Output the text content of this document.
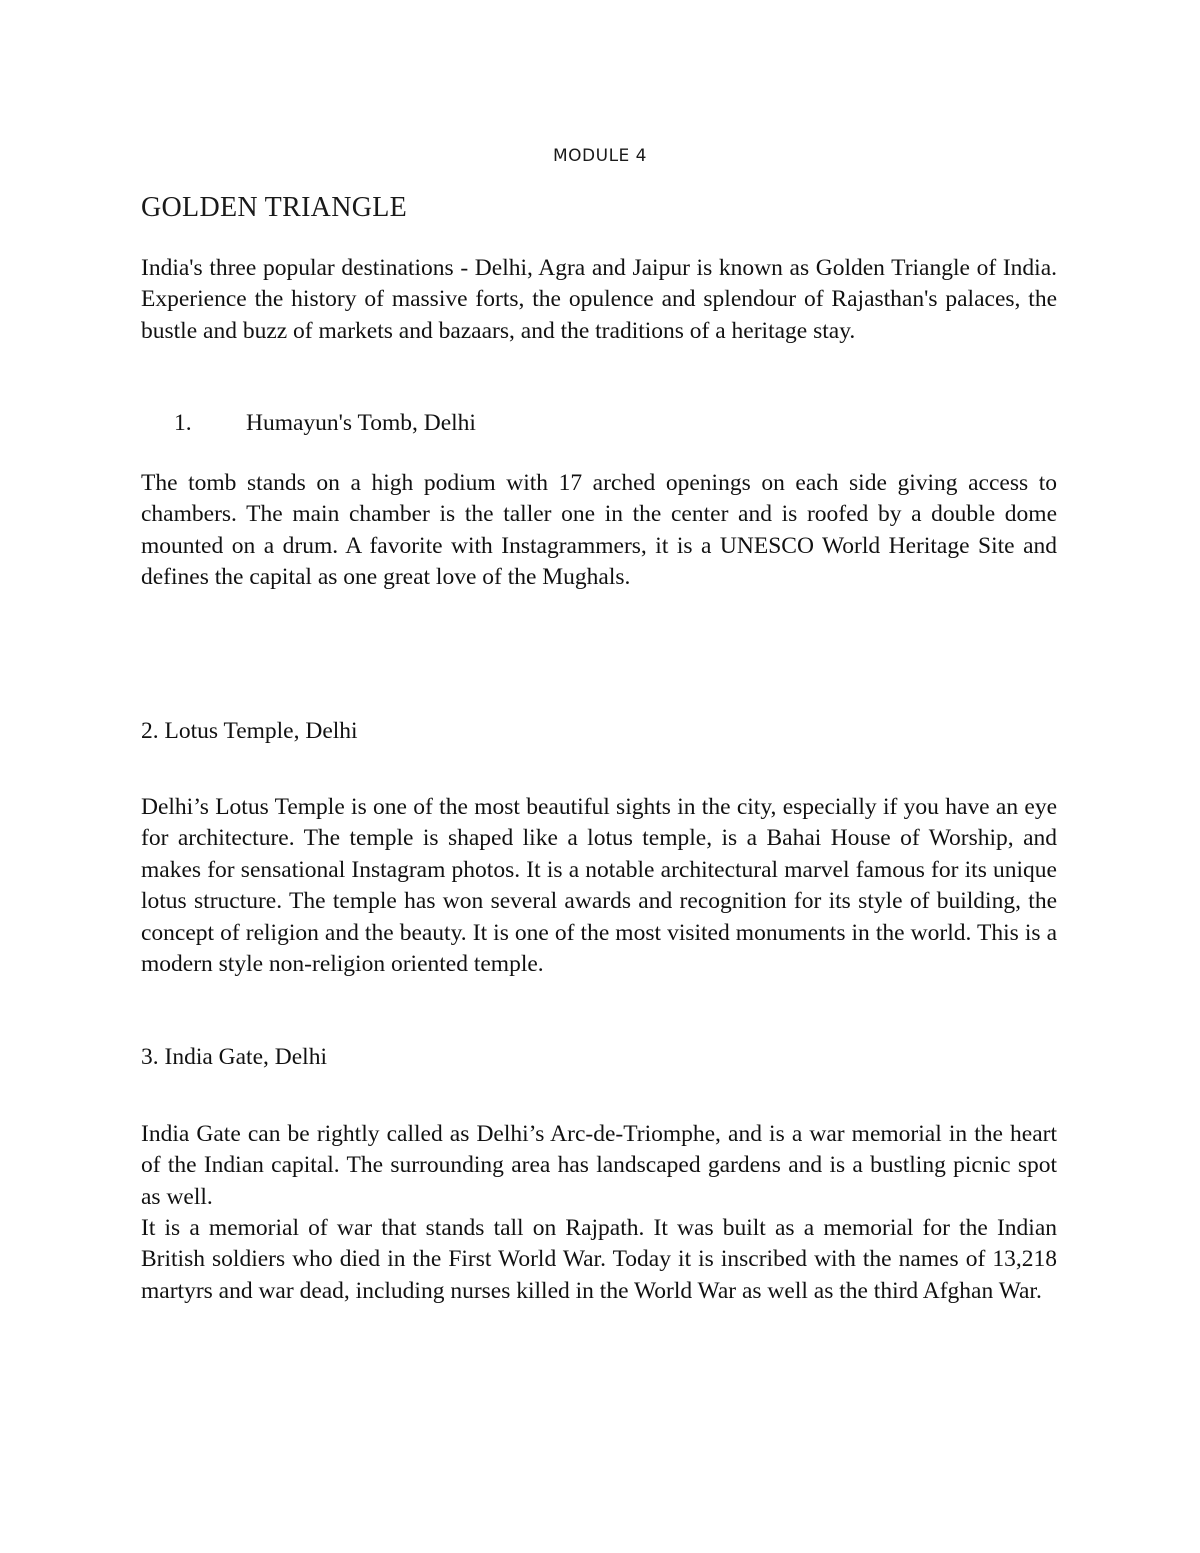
MODULE 4
GOLDEN TRIANGLE

India's three popular destinations - Delhi, Agra and Jaipur is known as Golden Triangle of India. Experience the history of massive forts, the opulence and splendour of Rajasthan's palaces, the bustle and buzz of markets and bazaars, and the traditions of a heritage stay.

1. Humayun's Tomb, Delhi

The tomb stands on a high podium with 17 arched openings on each side giving access to chambers. The main chamber is the taller one in the center and is roofed by a double dome mounted on a drum. A favorite with Instagrammers, it is a UNESCO World Heritage Site and defines the capital as one great love of the Mughals.

2. Lotus Temple, Delhi

Delhi’s Lotus Temple is one of the most beautiful sights in the city, especially if you have an eye for architecture. The temple is shaped like a lotus temple, is a Bahai House of Worship, and makes for sensational Instagram photos. It is a notable architectural marvel famous for its unique lotus structure. The temple has won several awards and recognition for its style of building, the concept of religion and the beauty. It is one of the most visited monuments in the world. This is a modern style non-religion oriented temple.

3. India Gate, Delhi

India Gate can be rightly called as Delhi’s Arc-de-Triomphe, and is a war memorial in the heart of the Indian capital. The surrounding area has landscaped gardens and is a bustling picnic spot as well.

It is a memorial of war that stands tall on Rajpath. It was built as a memorial for the Indian British soldiers who died in the First World War. Today it is inscribed with the names of 13,218 martyrs and war dead, including nurses killed in the World War as well as the third Afghan War.
